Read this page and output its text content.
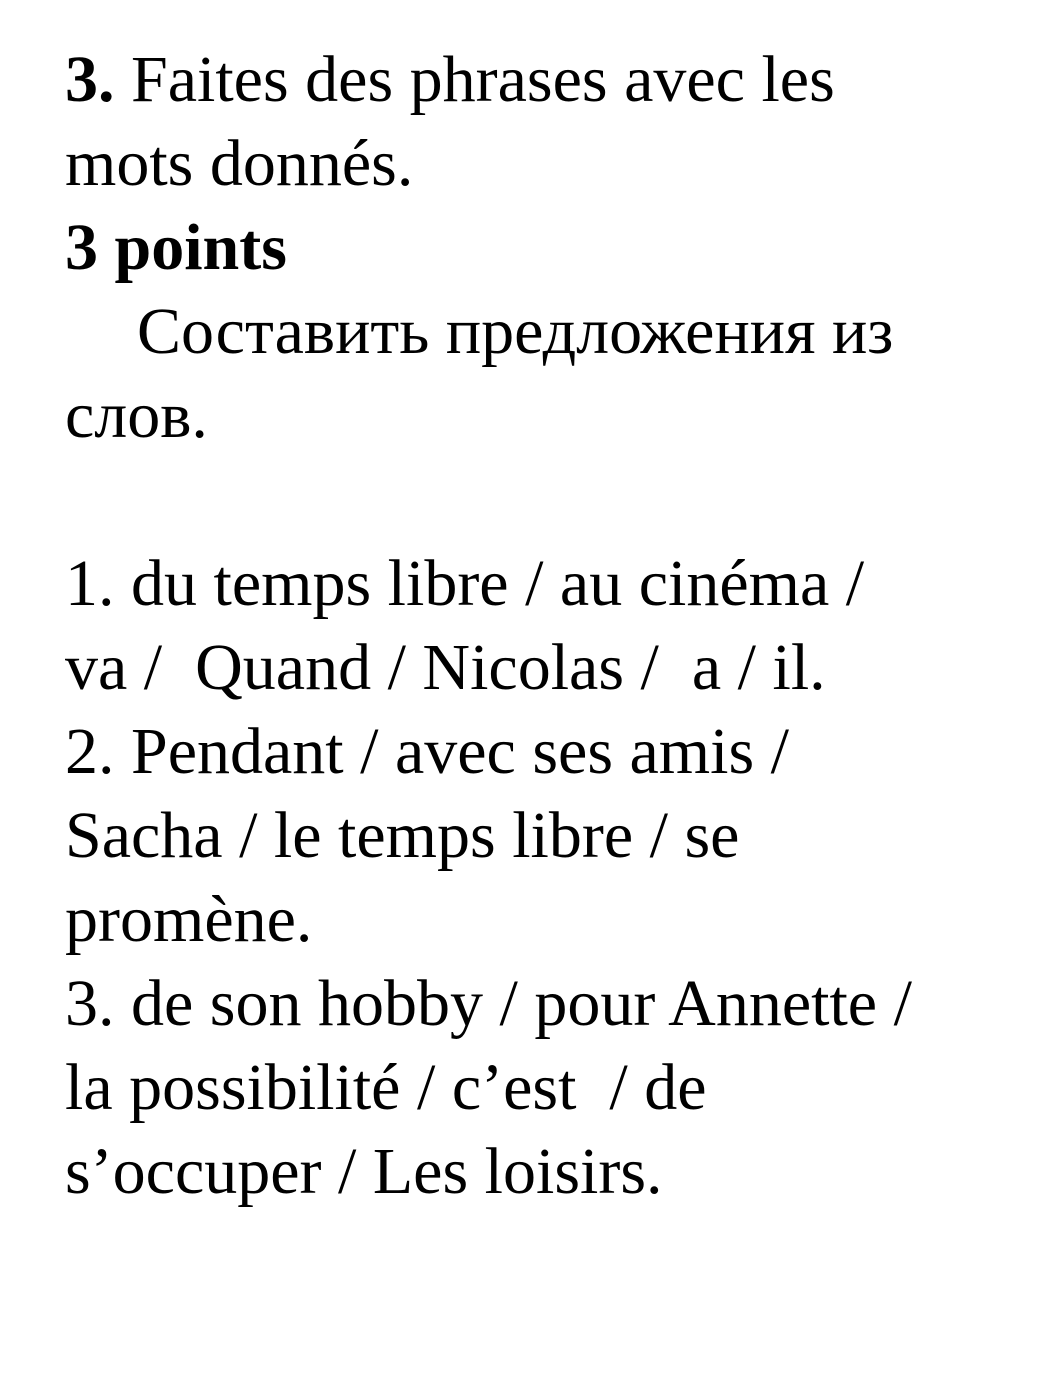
3. Faites des phrases avec les
mots donnés.
3 points
Составить предложения из
слов.
1. du temps libre / au cinéma /
va /  Quand / Nicolas /  a / il.
2. Pendant / avec ses amis /
Sacha / le temps libre / se
promène.
3. de son hobby / pour Annette /
la possibilité / c’est  / de
s’occuper / Les loisirs.
